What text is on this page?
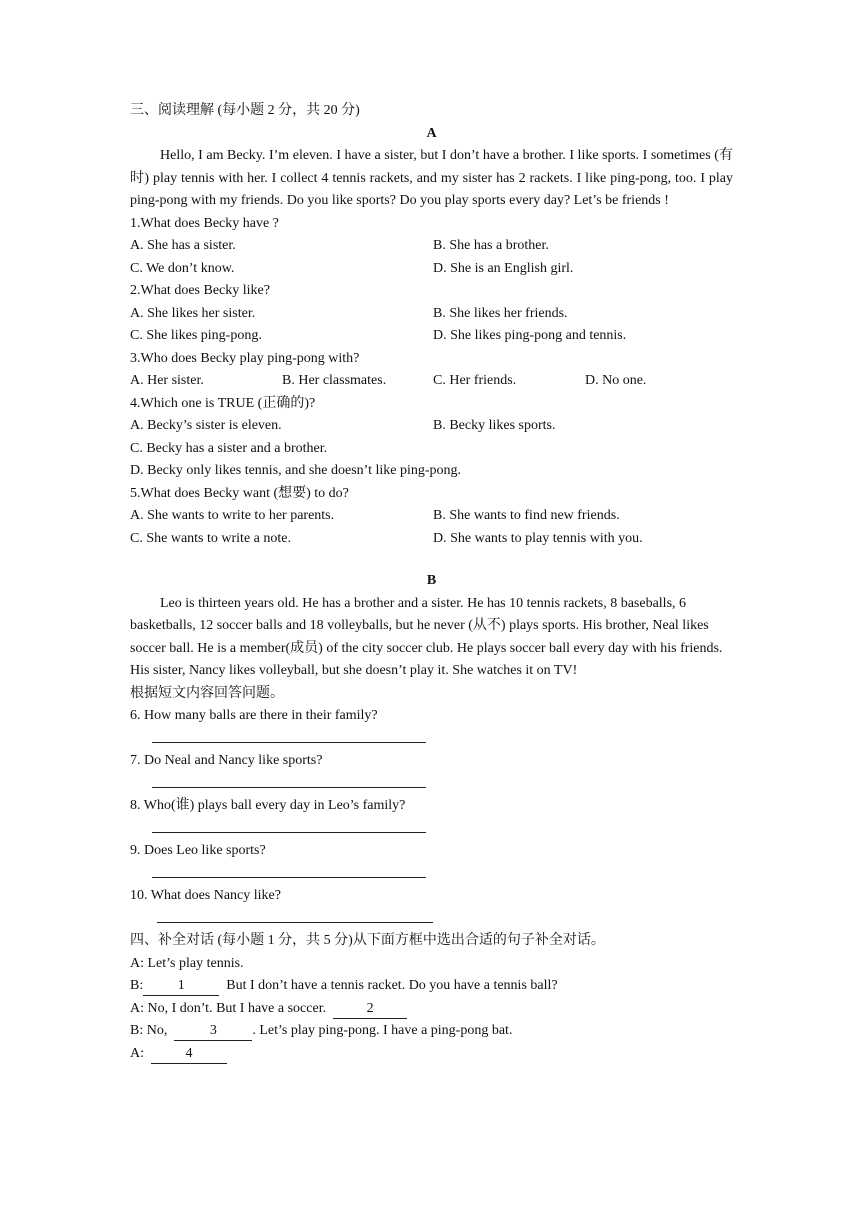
三、阅读理解 (每小题 2 分，共 20 分)
A

Hello, I am Becky. I’m eleven. I have a sister, but I don’t have a brother. I like sports. I sometimes (有时) play tennis with her. I collect 4 tennis rackets, and my sister has 2 rackets. I like ping-pong, too. I play ping-pong with my friends. Do you like sports? Do you play sports every day? Let’s be friends !

1.What does Becky have ?
A. She has a sister.	B. She has a brother.
C. We don’t know.	D. She is an English girl.
2.What does Becky like?
A. She likes her sister.	B. She likes her friends.
C. She likes ping-pong.	D. She likes ping-pong and tennis.
3.Who does Becky play ping-pong with?
A. Her sister.	B. Her classmates.	C. Her friends.	D. No one.
4.Which one is TRUE (正确的)?
A. Becky’s sister is eleven.	B. Becky likes sports.
C. Becky has a sister and a brother.
D. Becky only likes tennis, and she doesn’t like ping-pong.
5.What does Becky want (想要) to do?
A. She wants to write to her parents.	B. She wants to find new friends.
C. She wants to write a note.	D. She wants to play tennis with you.
B

Leo is thirteen years old. He has a brother and a sister. He has 10 tennis rackets, 8 baseballs, 6 basketballs, 12 soccer balls and 18 volleyballs, but he never (从不) plays sports. His brother, Neal likes soccer ball. He is a member(成员) of the city soccer club. He plays soccer ball every day with his friends. His sister, Nancy likes volleyball, but she doesn’t play it. She watches it on TV!

根据短文内容回答问题。
6. How many balls are there in their family?
7. Do Neal and Nancy like sports?
8. Who(谁) plays ball every day in Leo’s family?
9. Does Leo like sports?
10. What does Nancy like?
四、补全对话 (每小题 1 分，共 5 分)从下面方框中选出合适的句子补全对话。
A: Let’s play tennis.
B: 1  But I don’t have a tennis racket. Do you have a tennis ball?
A: No, I don’t. But I have a soccer.  2
B: No,	3	. Let’s play ping-pong. I have a ping-pong bat.
A:  4
